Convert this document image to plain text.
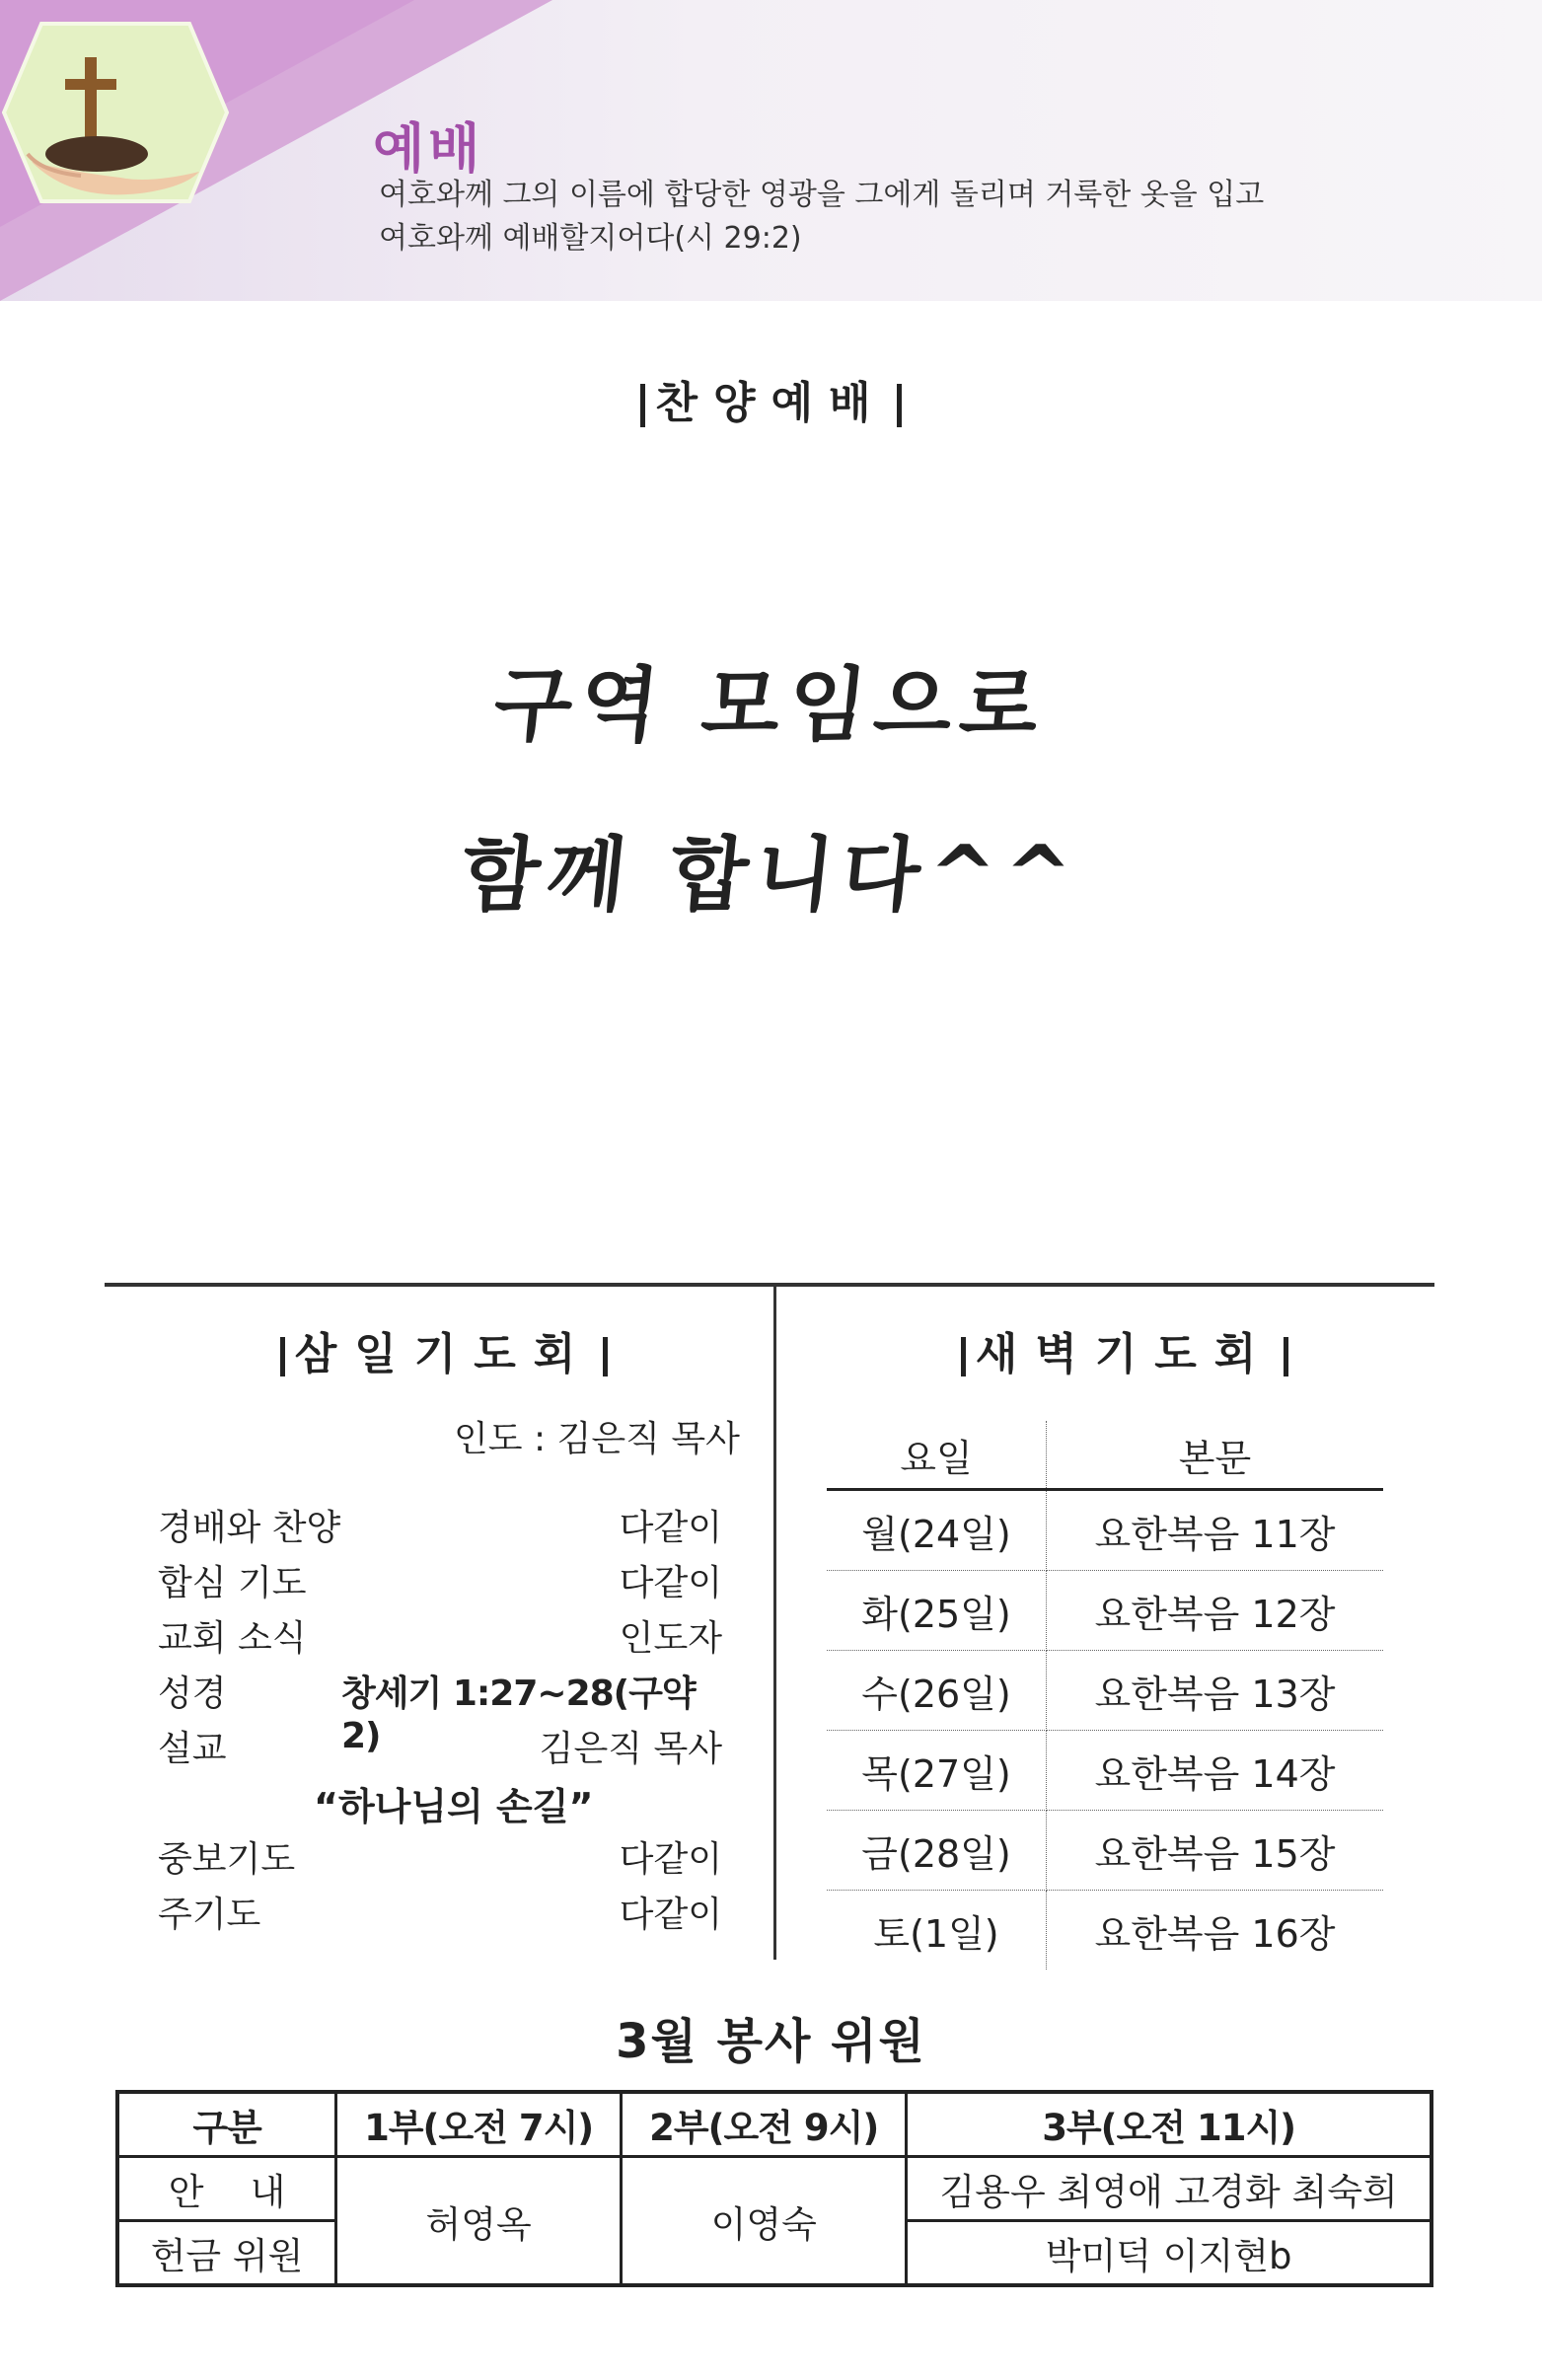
예배
여호와께 그의 이름에 합당한 영광을 그에게 돌리며 거룩한 옷을 입고
여호와께 예배할지어다(시 29:2)
찬양예배
구역 모임으로
함께 합니다^^
삼일기도회
인도 : 김은직 목사
경배와 찬양	다같이
합심 기도	다같이
교회 소식	인도자
성경	창세기 1:27~28(구약 2)
설교	김은직 목사
“하나님의 손길”
중보기도	다같이
주기도	다같이
새벽기도회
요일	본문
월(24일)	요한복음 11장
화(25일)	요한복음 12장
수(26일)	요한복음 13장
목(27일)	요한복음 14장
금(28일)	요한복음 15장
토(1일)	요한복음 16장
3월 봉사 위원
구분	1부(오전 7시)	2부(오전 9시)	3부(오전 11시)
안    내	허영옥	이영숙	김용우 최영애 고경화 최숙희
헌금 위원			박미덕 이지현b
